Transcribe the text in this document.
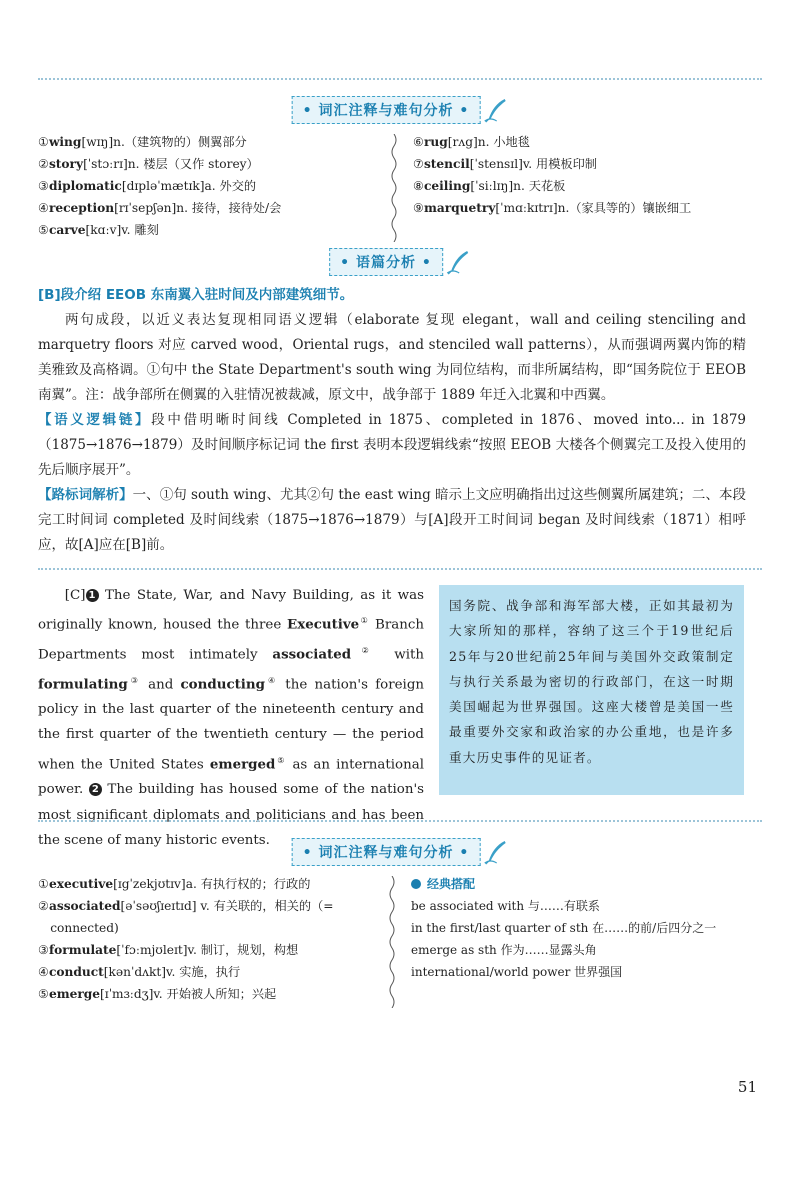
• 词汇注释与难句分析 •
①wing[wɪŋ]n.（建筑物的）侧翼部分
②story[ˈstɔːrɪ]n. 楼层（又作 storey）
③diplomatic[dɪpləˈmætɪk]a. 外交的
④reception[rɪˈsepʃən]n. 接待，接待处/会
⑤carve[kɑːv]v. 雕刻
⑥rug[rʌg]n. 小地毯
⑦stencil[ˈstensɪl]v. 用模板印制
⑧ceiling[ˈsiːlɪŋ]n. 天花板
⑨marquetry[ˈmɑːkɪtrɪ]n.（家具等的）镶嵌细工
• 语篇分析 •
[B]段介绍 EEOB 东南翼入驻时间及内部建筑细节。
两句成段，以近义表达复现相同语义逻辑（elaborate 复现 elegant，wall and ceiling stenciling and marquetry floors 对应 carved wood，Oriental rugs，and stenciled wall patterns），从而强调两翼内饰的精美雅致及高格调。①句中 the State Department's south wing 为同位结构，而非所属结构，即“国务院位于 EEOB 南翼”。注：战争部所在侧翼的入驻情况被裁减，原文中，战争部于 1889 年迁入北翼和中西翼。
【语义逻辑链】段中借明晰时间线 Completed in 1875、completed in 1876、moved into... in 1879（1875→1876→1879）及时间顺序标记词 the first 表明本段逻辑线索“按照 EEOB 大楼各个侧翼完工及投入使用的先后顺序展开”。
【路标词解析】一、①句 south wing、尤其②句 the east wing 暗示上文应明确指出过这些侧翼所属建筑；二、本段完工时间词 completed 及时间线索（1875→1876→1879）与[A]段开工时间词 began 及时间线索（1871）相呼应，故[A]应在[B]前。
[C] 1 The State, War, and Navy Building, as it was originally known, housed the three Executive① Branch Departments most intimately associated② with formulating③ and conducting④ the nation's foreign policy in the last quarter of the nineteenth century and the first quarter of the twentieth century — the period when the United States emerged⑤ as an international power. 2 The building has housed some of the nation's most significant diplomats and politicians and has been the scene of many historic events.
国务院、战争部和海军部大楼，正如其最初为大家所知的那样，容纳了这三个于19世纪后25年与20世纪前25年间与美国外交政策制定与执行关系最为密切的行政部门，在这一时期美国崛起为世界强国。这座大楼曾是美国一些最重要外交家和政治家的办公重地，也是许多重大历史事件的见证者。
• 词汇注释与难句分析 •
①executive[ɪgˈzekjʊtɪv]a. 有执行权的；行政的
②associated[əˈsəʊʃɪeɪtɪd] v. 有关联的，相关的（=
connected)
③formulate[ˈfɔːmjʊleɪt]v. 制订，规划，构想
④conduct[kənˈdʌkt]v. 实施，执行
⑤emerge[ɪˈmɜːdʒ]v. 开始被人所知；兴起
经典搭配
be associated with 与……有联系
in the first/last quarter of sth 在……的前/后四分之一
emerge as sth 作为……显露头角
international/world power 世界强国
51
